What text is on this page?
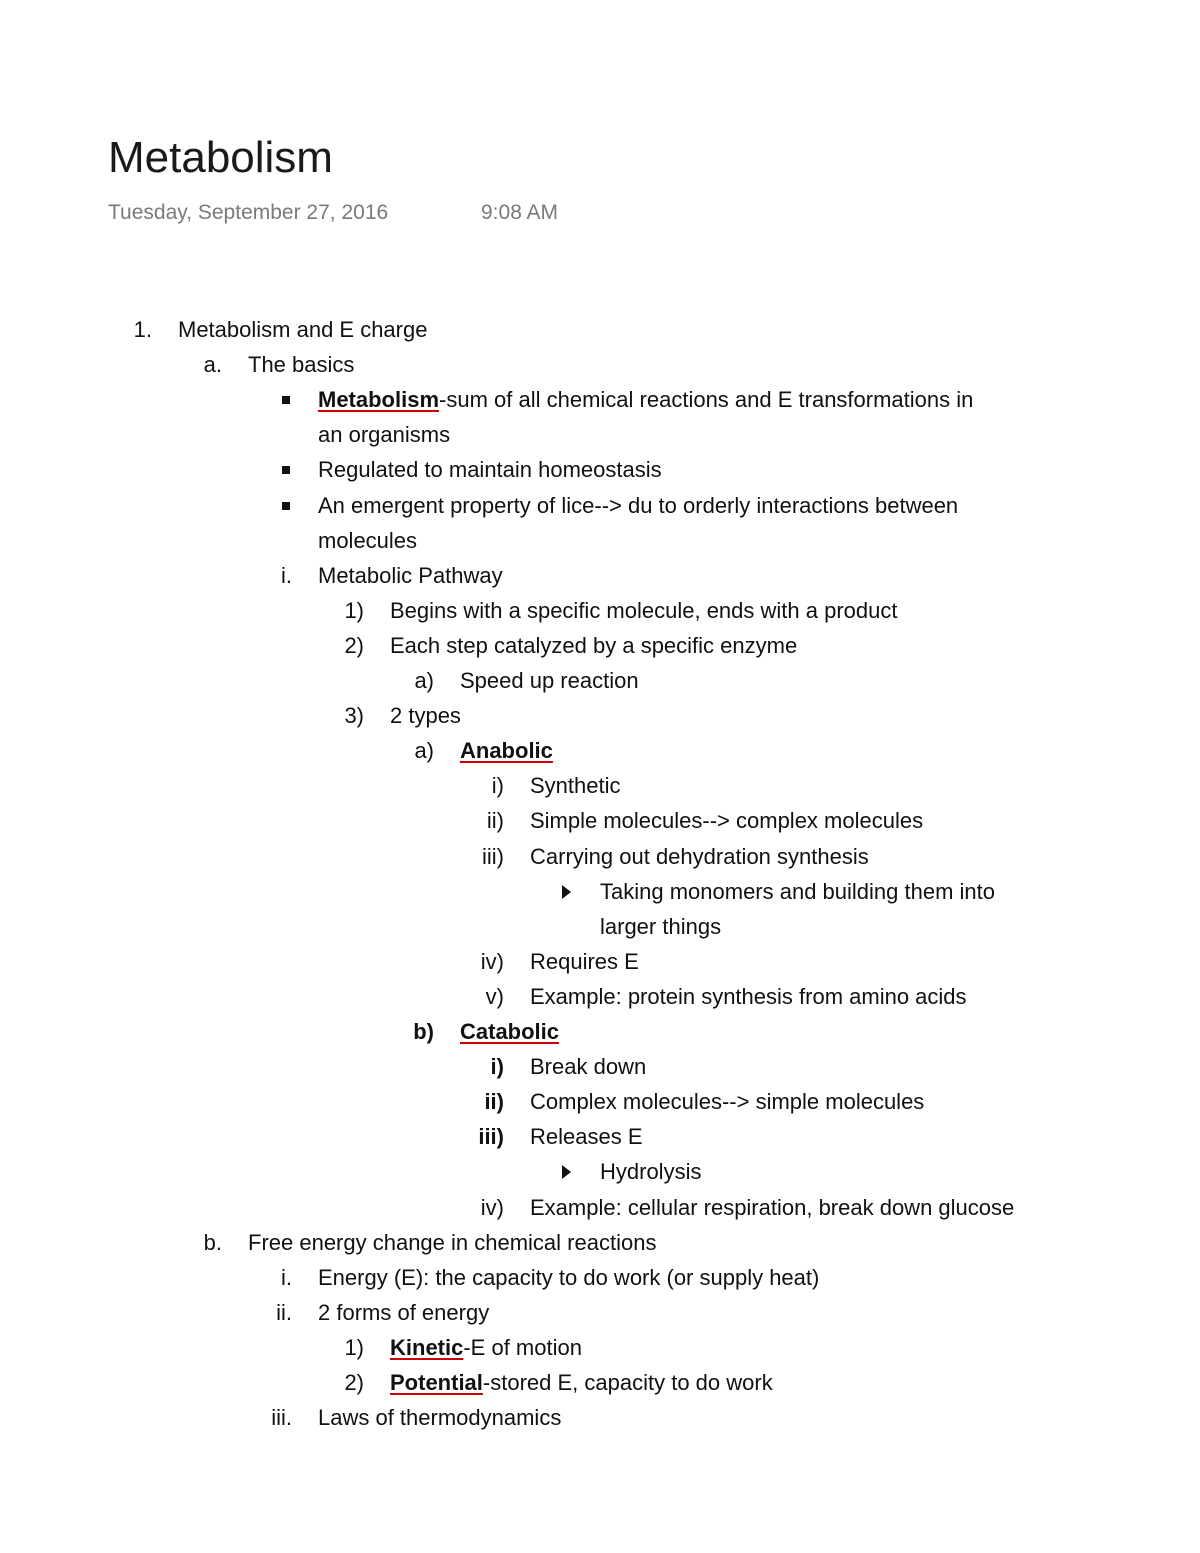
Metabolism
Tuesday, September 27, 2016	9:08 AM
1. Metabolism and E charge
a. The basics
Metabolism-sum of all chemical reactions and E transformations in
an organisms
Regulated to maintain homeostasis
An emergent property of lice--> du to orderly interactions between
molecules
i. Metabolic Pathway
1) Begins with a specific molecule, ends with a product
2) Each step catalyzed by a specific enzyme
a) Speed up reaction
3) 2 types
a) Anabolic
i) Synthetic
ii) Simple molecules--> complex molecules
iii) Carrying out dehydration synthesis
Taking monomers and building them into
larger things
iv) Requires E
v) Example: protein synthesis from amino acids
b) Catabolic
i) Break down
ii) Complex molecules--> simple molecules
iii) Releases E
Hydrolysis
iv) Example: cellular respiration, break down glucose
b. Free energy change in chemical reactions
i. Energy (E): the capacity to do work (or supply heat)
ii. 2 forms of energy
1) Kinetic-E of motion
2) Potential-stored E, capacity to do work
iii. Laws of thermodynamics
